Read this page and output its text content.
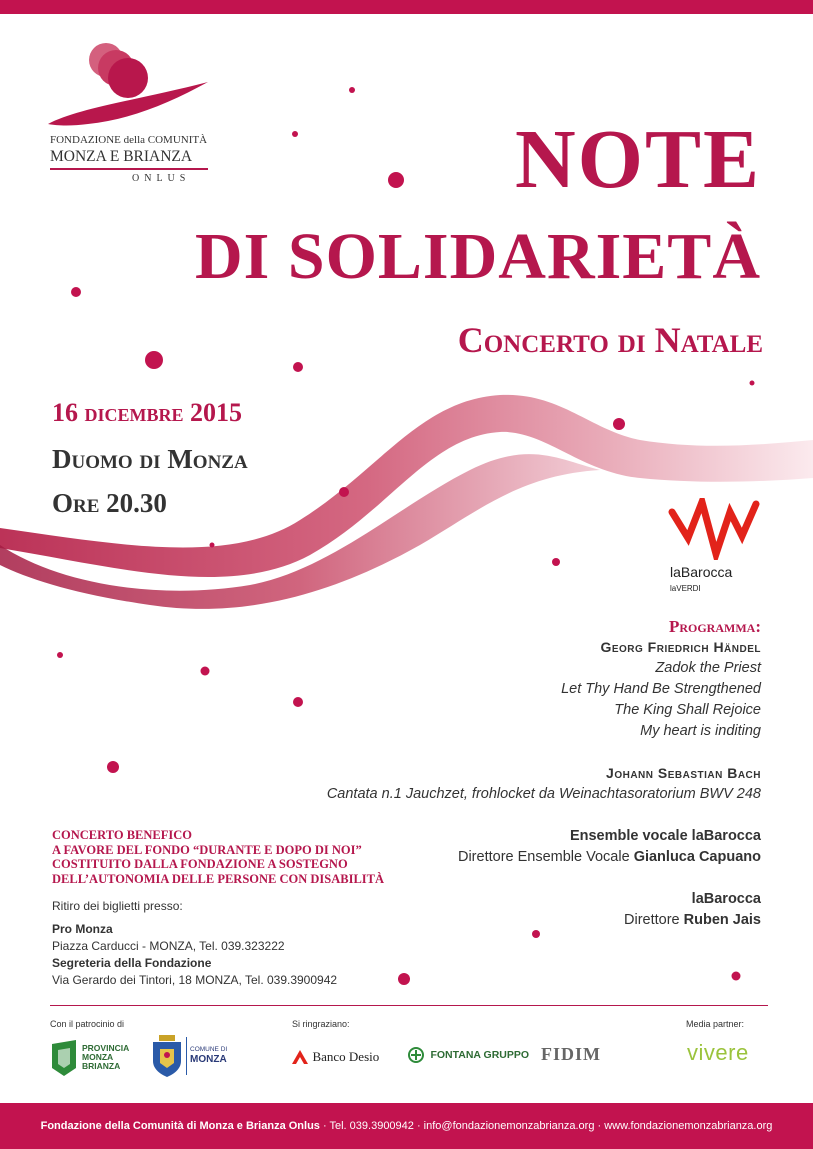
FONDAZIONE della COMUNITÀ
MONZA E BRIANZA
ONLUS	NOTE
DI SOLIDARIETÀ
Concerto di Natale
16 dicembre 2015
Duomo di Monza
Ore 20.30
laBarocca
laVERDI
Programma:
Georg Friedrich Händel
Zadok the Priest
Let Thy Hand Be Strengthened
The King Shall Rejoice
My heart is inditing
Johann Sebastian Bach
Cantata n.1 Jauchzet, frohlocket da Weinachtasoratorium BWV 248
Ensemble vocale laBarocca
Direttore Ensemble Vocale Gianluca Capuano
laBarocca
Direttore Ruben Jais
CONCERTO BENEFICO
A FAVORE DEL FONDO “DURANTE E DOPO DI NOI”
COSTITUITO DALLA FONDAZIONE A SOSTEGNO
DELL’AUTONOMIA DELLE PERSONE CON DISABILITÀ
Ritiro dei biglietti presso:
Pro Monza
Piazza Carducci - MONZA, Tel. 039.323222
Segreteria della Fondazione
Via Gerardo dei Tintori, 18 MONZA, Tel. 039.3900942
Con il patrocinio di
PROVINCIA
MONZA
BRIANZA
COMUNE DI
MONZA
Si ringraziano:
Banco Desio	FONTANA GRUPPO FIDIM
Media partner:
vivere
Fondazione della Comunità di Monza e Brianza Onlus · Tel. 039.3900942 · info@fondazionemonzabrianza.org · www.fondazionemonzabrianza.org
